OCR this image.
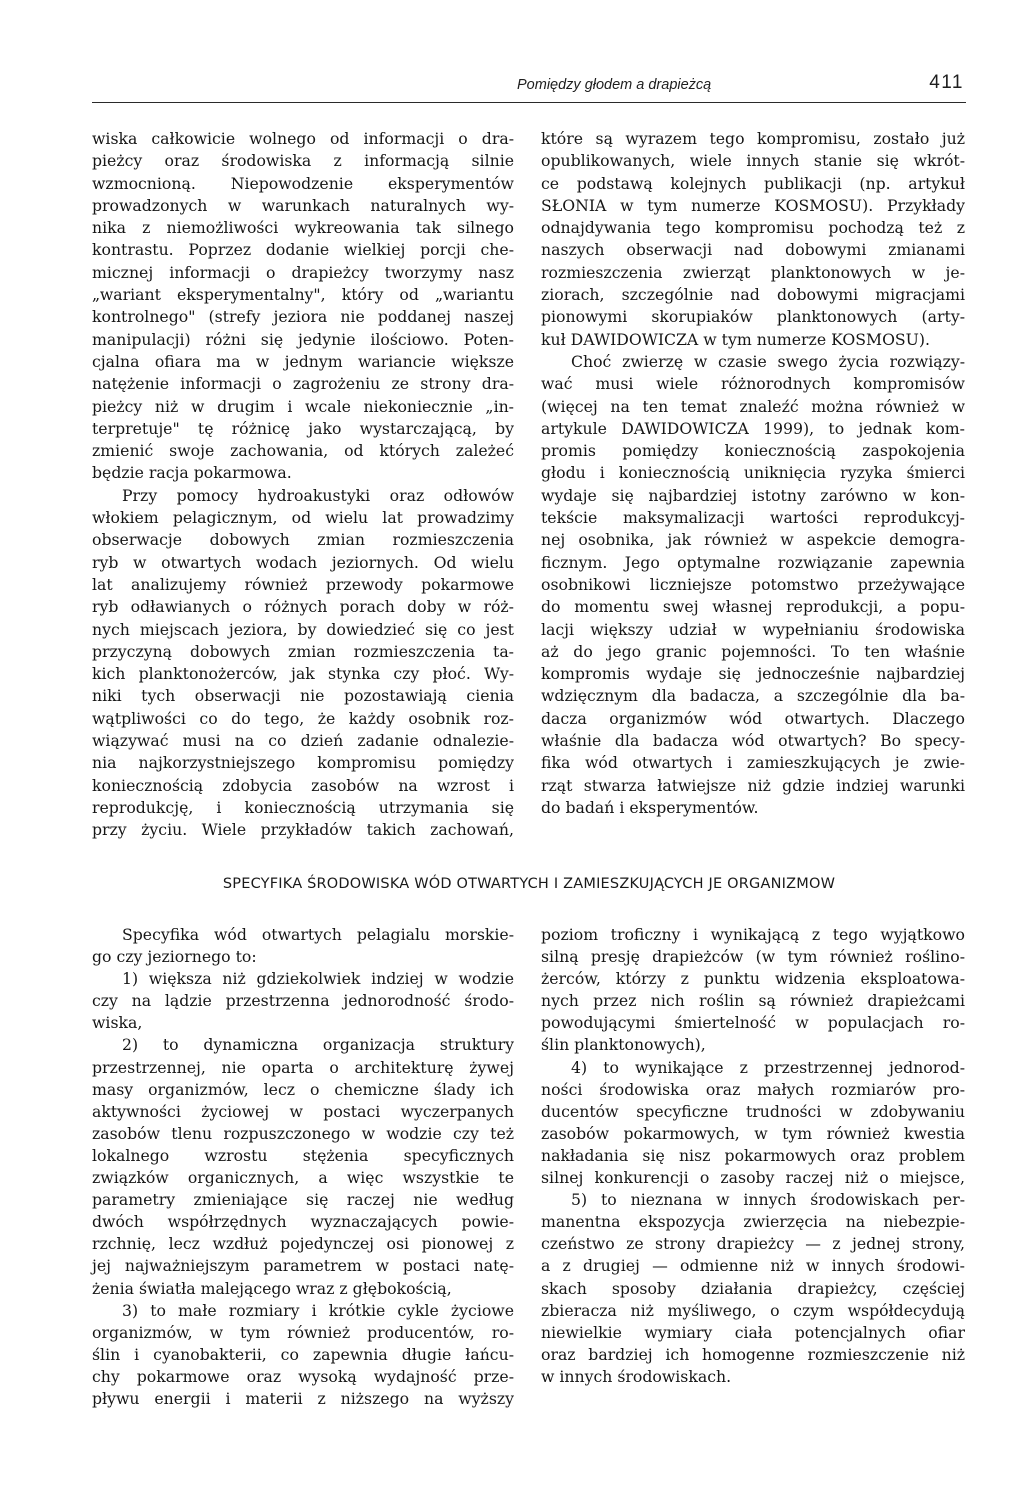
Pomiędzy głodem a drapieżcą	411
wiska całkowicie wolnego od informacji o dra-
pieżcy oraz środowiska z informacją silnie
wzmocnioną. Niepowodzenie eksperymentów
prowadzonych w warunkach naturalnych wy-
nika z niemożliwości wykreowania tak silnego
kontrastu. Poprzez dodanie wielkiej porcji che-
micznej informacji o drapieżcy tworzymy nasz
„wariant eksperymentalny", który od „wariantu
kontrolnego" (strefy jeziora nie poddanej naszej
manipulacji) różni się jedynie ilościowo. Poten-
cjalna ofiara ma w jednym wariancie większe
natężenie informacji o zagrożeniu ze strony dra-
pieżcy niż w drugim i wcale niekoniecznie „in-
terpretuje" tę różnicę jako wystarczającą, by
zmienić swoje zachowania, od których zależeć
będzie racja pokarmowa.
Przy pomocy hydroakustyki oraz odłowów
włokiem pelagicznym, od wielu lat prowadzimy
obserwacje dobowych zmian rozmieszczenia
ryb w otwartych wodach jeziornych. Od wielu
lat analizujemy również przewody pokarmowe
ryb odławianych o różnych porach doby w róż-
nych miejscach jeziora, by dowiedzieć się co jest
przyczyną dobowych zmian rozmieszczenia ta-
kich planktonożerców, jak stynka czy płoć. Wy-
niki tych obserwacji nie pozostawiają cienia
wątpliwości co do tego, że każdy osobnik roz-
wiązywać musi na co dzień zadanie odnalezie-
nia najkorzystniejszego kompromisu pomiędzy
koniecznością zdobycia zasobów na wzrost i
reprodukcję, i koniecznością utrzymania się
przy życiu. Wiele przykładów takich zachowań,
które są wyrazem tego kompromisu, zostało już
opublikowanych, wiele innych stanie się wkrót-
ce podstawą kolejnych publikacji (np. artykuł
SŁONIA w tym numerze KOSMOSU). Przykłady
odnajdywania tego kompromisu pochodzą też z
naszych obserwacji nad dobowymi zmianami
rozmieszczenia zwierząt planktonowych w je-
ziorach, szczególnie nad dobowymi migracjami
pionowymi skorupiaków planktonowych (arty-
kuł DAWIDOWICZA w tym numerze KOSMOSU).
Choć zwierzę w czasie swego życia rozwiązy-
wać musi wiele różnorodnych kompromisów
(więcej na ten temat znaleźć można również w
artykule DAWIDOWICZA 1999), to jednak kom-
promis pomiędzy koniecznością zaspokojenia
głodu i koniecznością uniknięcia ryzyka śmierci
wydaje się najbardziej istotny zarówno w kon-
tekście maksymalizacji wartości reprodukcyj-
nej osobnika, jak również w aspekcie demogra-
ficznym. Jego optymalne rozwiązanie zapewnia
osobnikowi liczniejsze potomstwo przeżywające
do momentu swej własnej reprodukcji, a popu-
lacji większy udział w wypełnianiu środowiska
aż do jego granic pojemności. To ten właśnie
kompromis wydaje się jednocześnie najbardziej
wdzięcznym dla badacza, a szczególnie dla ba-
dacza organizmów wód otwartych. Dlaczego
właśnie dla badacza wód otwartych? Bo specy-
fika wód otwartych i zamieszkujących je zwie-
rząt stwarza łatwiejsze niż gdzie indziej warunki
do badań i eksperymentów.
SPECYFIKA ŚRODOWISKA WÓD OTWARTYCH I ZAMIESZKUJĄCYCH JE ORGANIZMOW
Specyfika wód otwartych pelagialu morskie-
go czy jeziornego to:
1) większa niż gdziekolwiek indziej w wodzie
czy na lądzie przestrzenna jednorodność środo-
wiska,
2) to dynamiczna organizacja struktury
przestrzennej, nie oparta o architekturę żywej
masy organizmów, lecz o chemiczne ślady ich
aktywności życiowej w postaci wyczerpanych
zasobów tlenu rozpuszczonego w wodzie czy też
lokalnego wzrostu stężenia specyficznych
związków organicznych, a więc wszystkie te
parametry zmieniające się raczej nie według
dwóch współrzędnych wyznaczających powie-
rzchnię, lecz wzdłuż pojedynczej osi pionowej z
jej najważniejszym parametrem w postaci natę-
żenia światła malejącego wraz z głębokością,
3) to małe rozmiary i krótkie cykle życiowe
organizmów, w tym również producentów, ro-
ślin i cyanobakterii, co zapewnia długie łańcu-
chy pokarmowe oraz wysoką wydajność prze-
pływu energii i materii z niższego na wyższy
poziom troficzny i wynikającą z tego wyjątkowo
silną presję drapieżców (w tym również roślino-
żerców, którzy z punktu widzenia eksploatowa-
nych przez nich roślin są również drapieżcami
powodującymi śmiertelność w populacjach ro-
ślin planktonowych),
4) to wynikające z przestrzennej jednorod-
ności środowiska oraz małych rozmiarów pro-
ducentów specyficzne trudności w zdobywaniu
zasobów pokarmowych, w tym również kwestia
nakładania się nisz pokarmowych oraz problem
silnej konkurencji o zasoby raczej niż o miejsce,
5) to nieznana w innych środowiskach per-
manentna ekspozycja zwierzęcia na niebezpie-
czeństwo ze strony drapieżcy — z jednej strony,
a z drugiej — odmienne niż w innych środowi-
skach sposoby działania drapieżcy, częściej
zbieracza niż myśliwego, o czym współdecydują
niewielkie wymiary ciała potencjalnych ofiar
oraz bardziej ich homogenne rozmieszczenie niż
w innych środowiskach.
